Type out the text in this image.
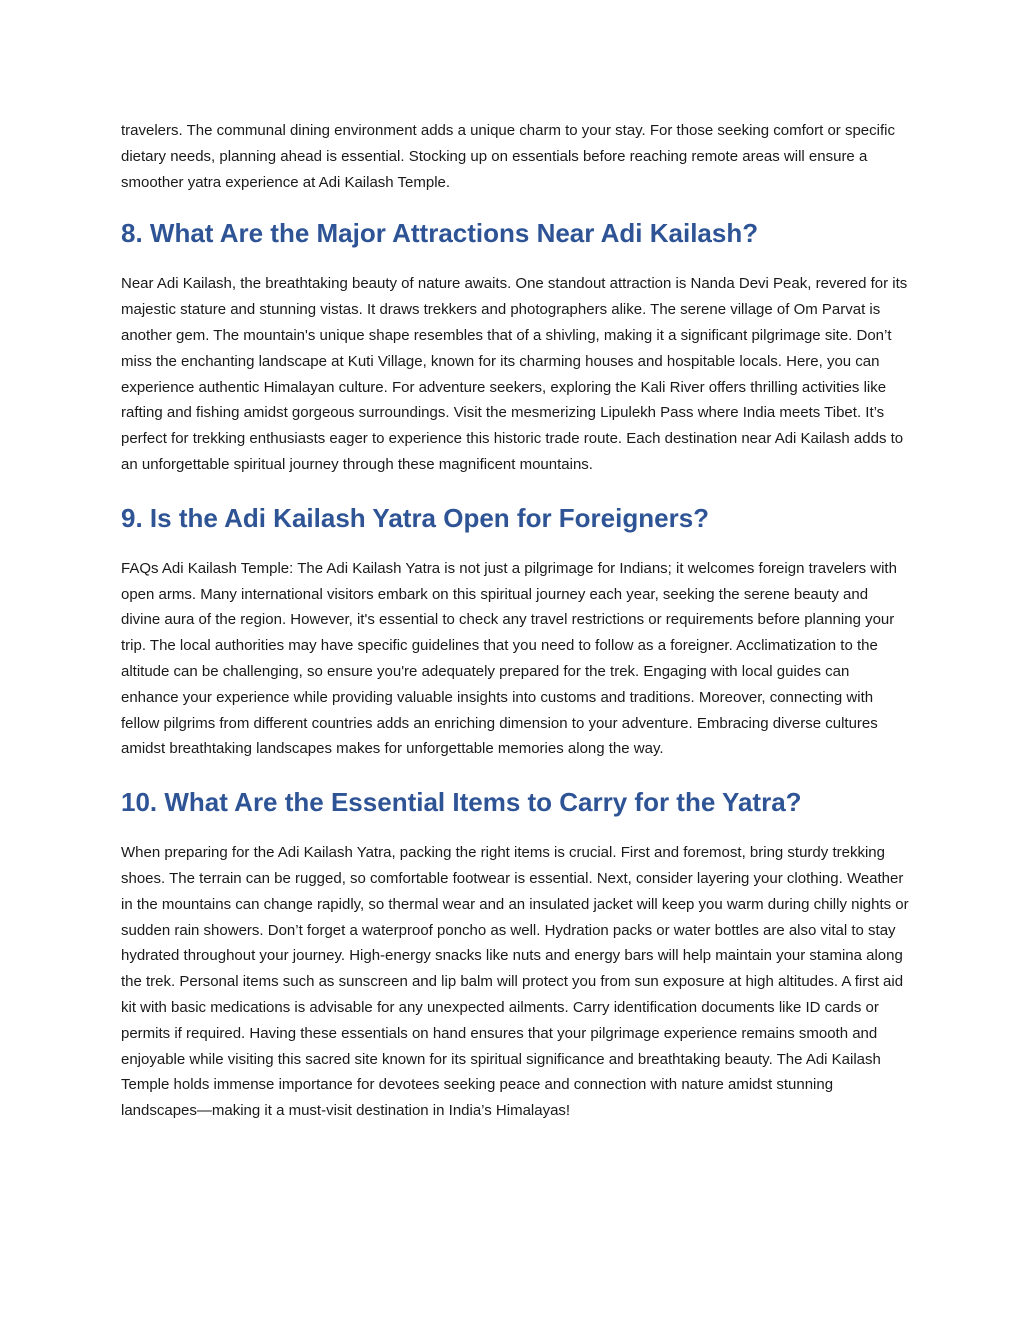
travelers. The communal dining environment adds a unique charm to your stay. For those seeking comfort or specific dietary needs, planning ahead is essential. Stocking up on essentials before reaching remote areas will ensure a smoother yatra experience at Adi Kailash Temple.

8. What Are the Major Attractions Near Adi Kailash?

Near Adi Kailash, the breathtaking beauty of nature awaits. One standout attraction is Nanda Devi Peak, revered for its majestic stature and stunning vistas. It draws trekkers and photographers alike. The serene village of Om Parvat is another gem. The mountain's unique shape resembles that of a shivling, making it a significant pilgrimage site. Don’t miss the enchanting landscape at Kuti Village, known for its charming houses and hospitable locals. Here, you can experience authentic Himalayan culture. For adventure seekers, exploring the Kali River offers thrilling activities like rafting and fishing amidst gorgeous surroundings. Visit the mesmerizing Lipulekh Pass where India meets Tibet. It’s perfect for trekking enthusiasts eager to experience this historic trade route. Each destination near Adi Kailash adds to an unforgettable spiritual journey through these magnificent mountains.

9. Is the Adi Kailash Yatra Open for Foreigners?

FAQs Adi Kailash Temple: The Adi Kailash Yatra is not just a pilgrimage for Indians; it welcomes foreign travelers with open arms. Many international visitors embark on this spiritual journey each year, seeking the serene beauty and divine aura of the region. However, it's essential to check any travel restrictions or requirements before planning your trip. The local authorities may have specific guidelines that you need to follow as a foreigner. Acclimatization to the altitude can be challenging, so ensure you're adequately prepared for the trek. Engaging with local guides can enhance your experience while providing valuable insights into customs and traditions. Moreover, connecting with fellow pilgrims from different countries adds an enriching dimension to your adventure. Embracing diverse cultures amidst breathtaking landscapes makes for unforgettable memories along the way.

10. What Are the Essential Items to Carry for the Yatra?

When preparing for the Adi Kailash Yatra, packing the right items is crucial. First and foremost, bring sturdy trekking shoes. The terrain can be rugged, so comfortable footwear is essential. Next, consider layering your clothing. Weather in the mountains can change rapidly, so thermal wear and an insulated jacket will keep you warm during chilly nights or sudden rain showers. Don’t forget a waterproof poncho as well. Hydration packs or water bottles are also vital to stay hydrated throughout your journey. High-energy snacks like nuts and energy bars will help maintain your stamina along the trek. Personal items such as sunscreen and lip balm will protect you from sun exposure at high altitudes. A first aid kit with basic medications is advisable for any unexpected ailments. Carry identification documents like ID cards or permits if required. Having these essentials on hand ensures that your pilgrimage experience remains smooth and enjoyable while visiting this sacred site known for its spiritual significance and breathtaking beauty. The Adi Kailash Temple holds immense importance for devotees seeking peace and connection with nature amidst stunning landscapes—making it a must-visit destination in India’s Himalayas!
